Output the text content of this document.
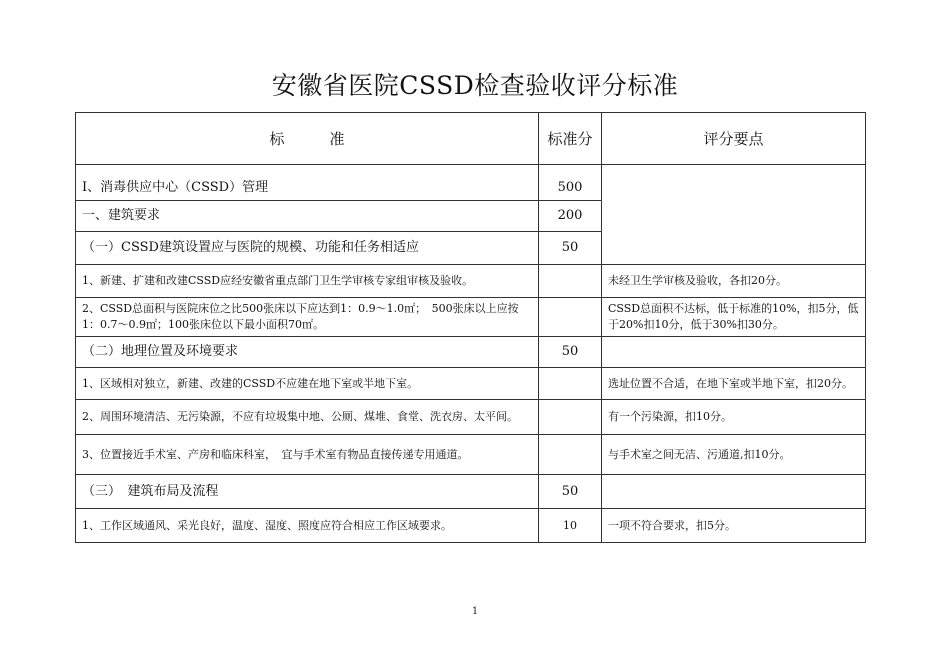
安徽省医院CSSD检查验收评分标准
标　　　准	标准分	评分要点
Ⅰ、消毒供应中心（CSSD）管理	500	
一、建筑要求	200	
（一）CSSD建筑设置应与医院的规模、功能和任务相适应	50	
1、新建、扩建和改建CSSD应经安徽省重点部门卫生学审核专家组审核及验收。		未经卫生学审核及验收，各扣20分。
2、CSSD总面积与医院床位之比500张床以下应达到1：0.9～1.0㎡；　500张床以上应按1：0.7～0.9㎡；100张床位以下最小面积70㎡。		CSSD总面积不达标，低于标准的10%，扣5分，低于20%扣10分，低于30%扣30分。
（二）地理位置及环境要求	50	
1、区域相对独立，新建、改建的CSSD不应建在地下室或半地下室。		选址位置不合适，在地下室或半地下室，扣20分。
2、周围环境清洁、无污染源，不应有垃圾集中地、公厕、煤堆、食堂、洗衣房、太平间。		有一个污染源，扣10分。
3、位置接近手术室、产房和临床科室，　宜与手术室有物品直接传递专用通道。		与手术室之间无洁、污通道,扣10分。
（三）　建筑布局及流程	50	
1、工作区域通风、采光良好，温度、湿度、照度应符合相应工作区域要求。	10	一项不符合要求，扣5分。
1
